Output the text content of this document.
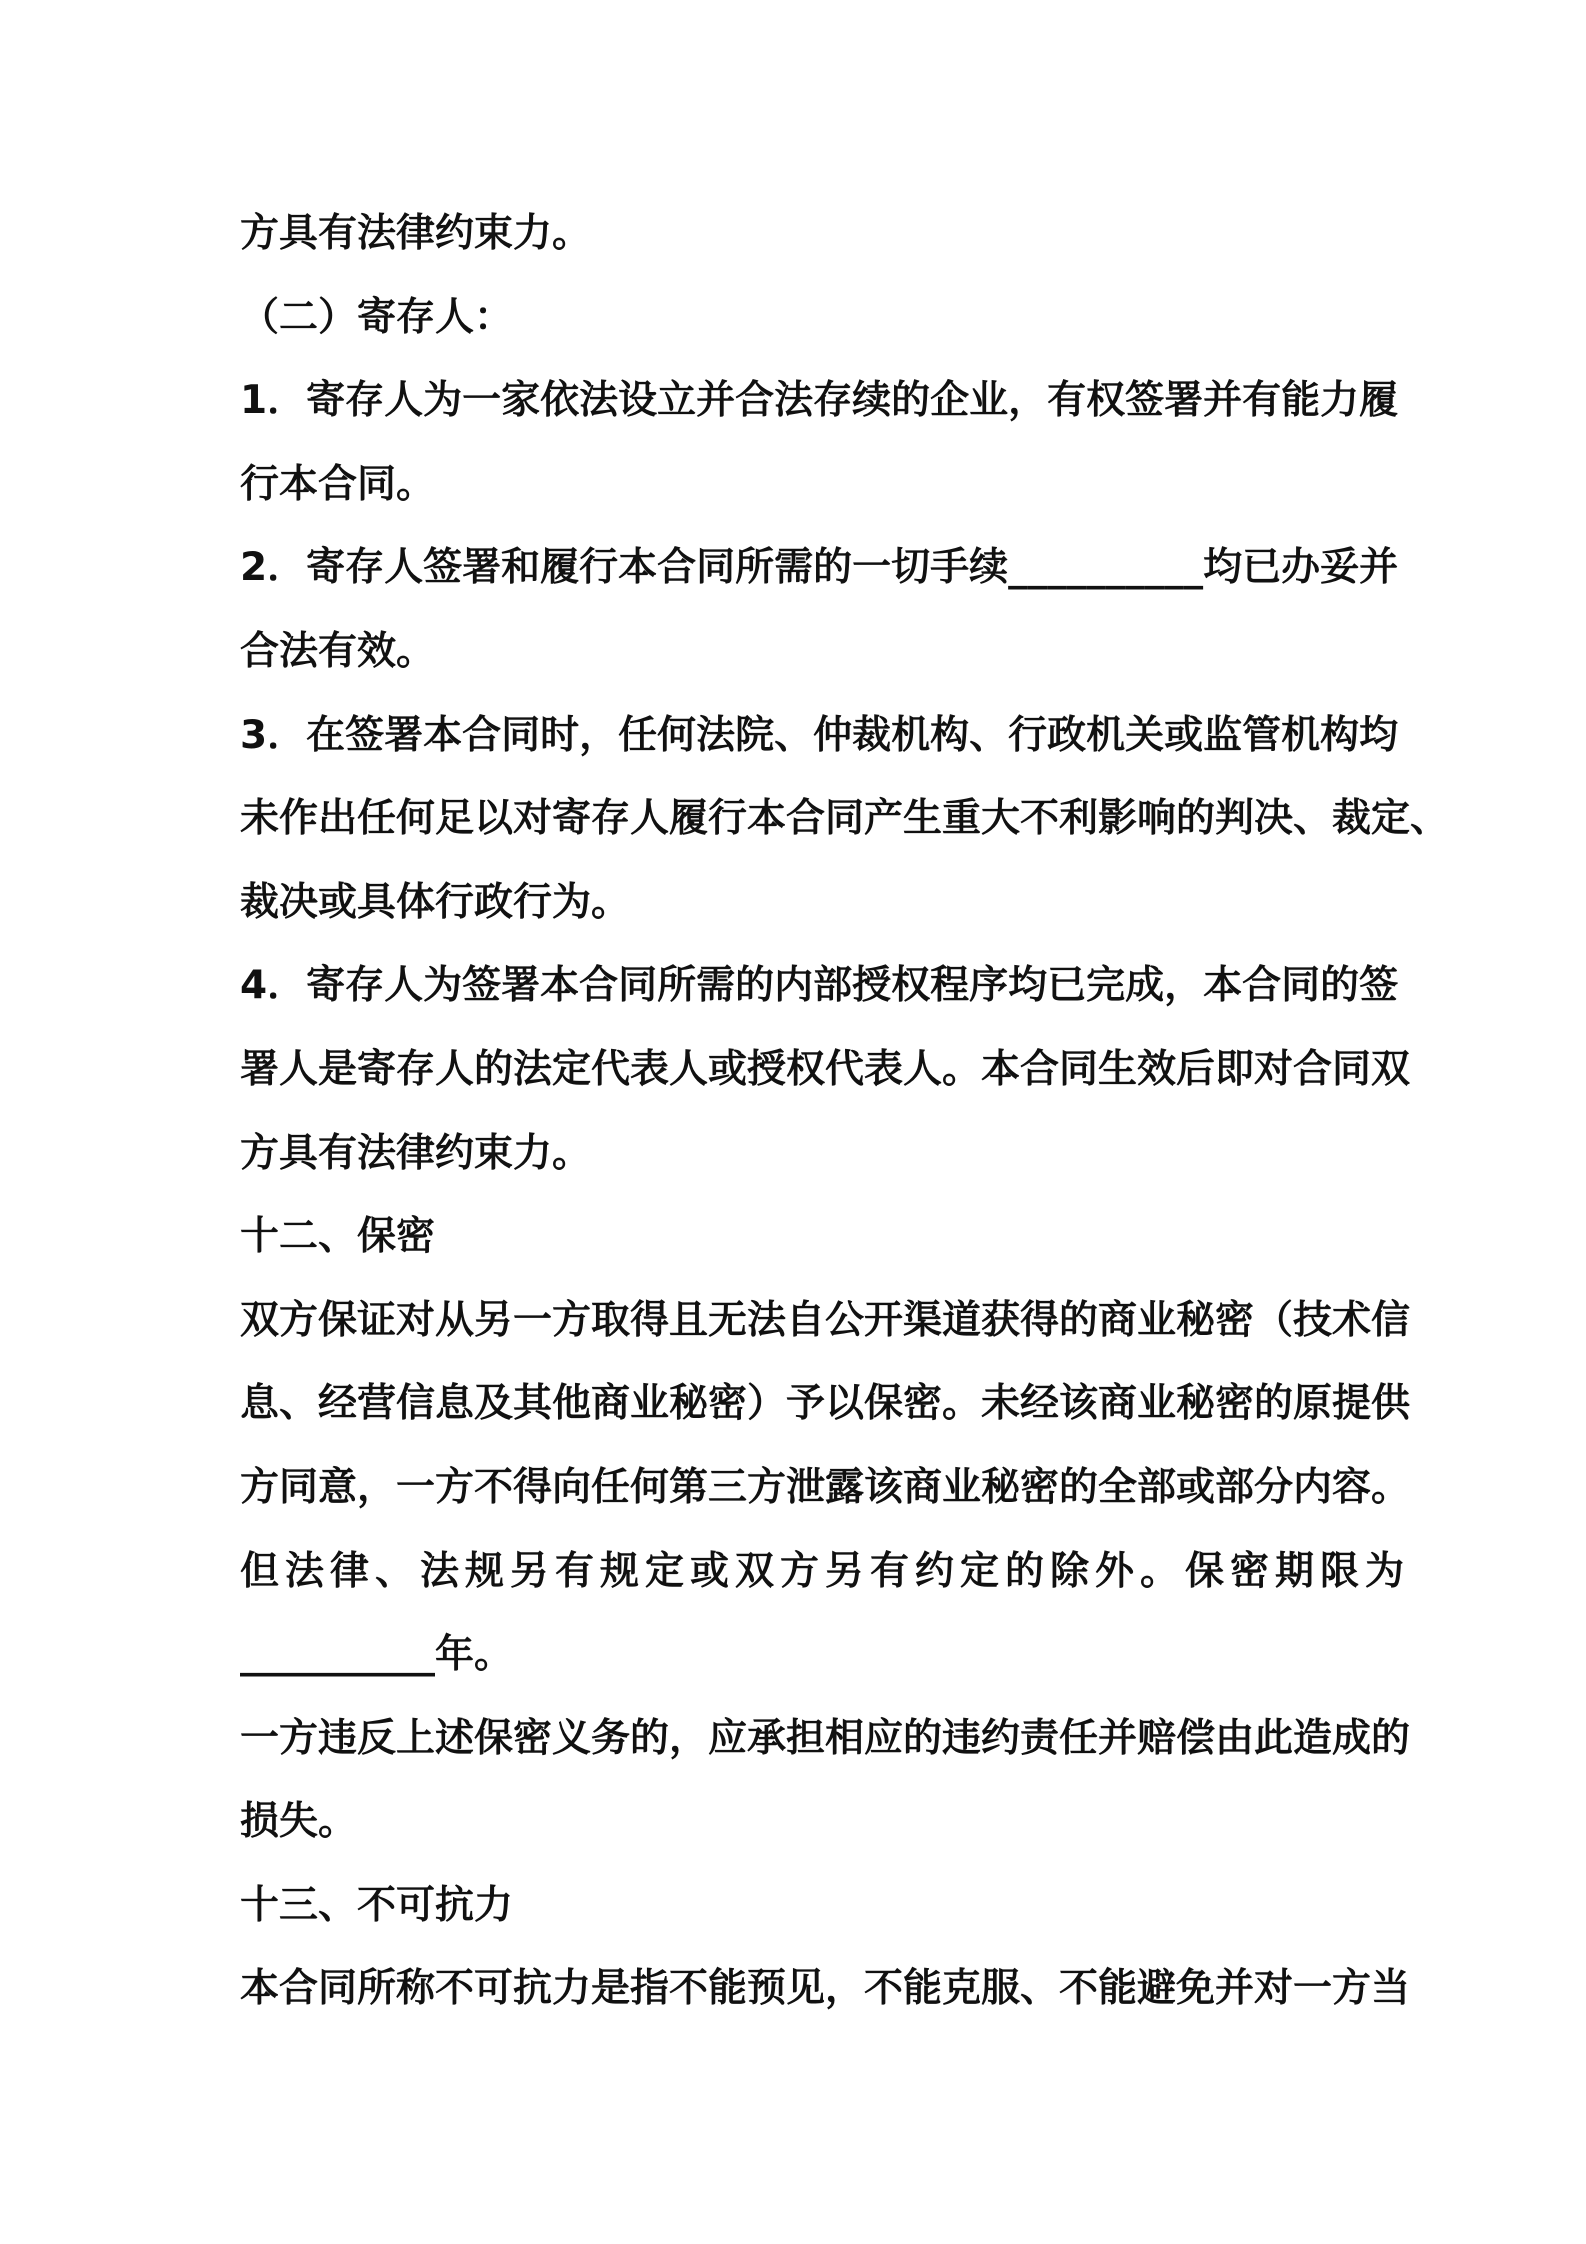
方具有法律约束力。

（二）寄存人：

1．寄存人为一家依法设立并合法存续的企业，有权签署并有能力履

行本合同。

2．寄存人签署和履行本合同所需的一切手续__________均已办妥并

合法有效。

3．在签署本合同时，任何法院、仲裁机构、行政机关或监管机构均

未作出任何足以对寄存人履行本合同产生重大不利影响的判决、裁定、

裁决或具体行政行为。

4．寄存人为签署本合同所需的内部授权程序均已完成，本合同的签

署人是寄存人的法定代表人或授权代表人。本合同生效后即对合同双

方具有法律约束力。

十二、保密

双方保证对从另一方取得且无法自公开渠道获得的商业秘密（技术信

息、经营信息及其他商业秘密）予以保密。未经该商业秘密的原提供

方同意，一方不得向任何第三方泄露该商业秘密的全部或部分内容。

但法律、法规另有规定或双方另有约定的除外。保密期限为

__________年。

一方违反上述保密义务的，应承担相应的违约责任并赔偿由此造成的

损失。

十三、不可抗力

本合同所称不可抗力是指不能预见，不能克服、不能避免并对一方当
